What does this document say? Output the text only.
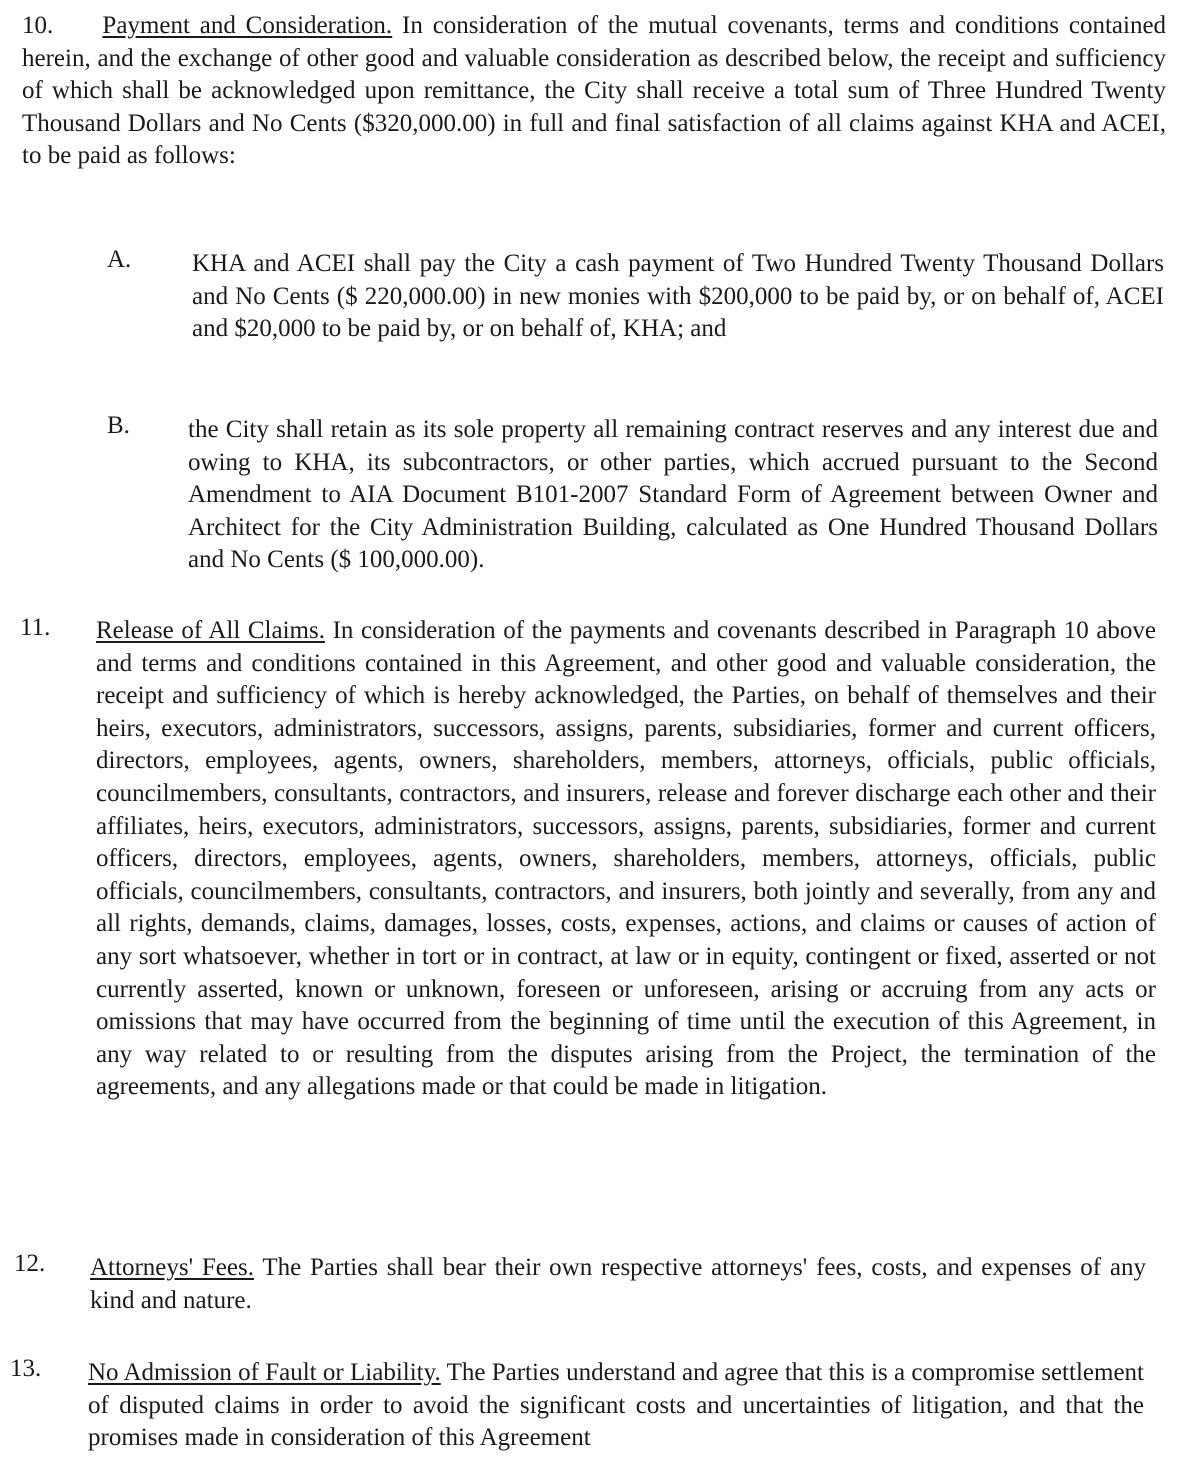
10. Payment and Consideration. In consideration of the mutual covenants, terms and conditions contained herein, and the exchange of other good and valuable consideration as described below, the receipt and sufficiency of which shall be acknowledged upon remittance, the City shall receive a total sum of Three Hundred Twenty Thousand Dollars and No Cents ($320,000.00) in full and final satisfaction of all claims against KHA and ACEI, to be paid as follows:

A. KHA and ACEI shall pay the City a cash payment of Two Hundred Twenty Thousand Dollars and No Cents ($ 220,000.00) in new monies with $200,000 to be paid by, or on behalf of, ACEI and $20,000 to be paid by, or on behalf of, KHA; and
B. the City shall retain as its sole property all remaining contract reserves and any interest due and owing to KHA, its subcontractors, or other parties, which accrued pursuant to the Second Amendment to AIA Document B101-2007 Standard Form of Agreement between Owner and Architect for the City Administration Building, calculated as One Hundred Thousand Dollars and No Cents ($ 100,000.00).
11. Release of All Claims. In consideration of the payments and covenants described in Paragraph 10 above and terms and conditions contained in this Agreement, and other good and valuable consideration, the receipt and sufficiency of which is hereby acknowledged, the Parties, on behalf of themselves and their heirs, executors, administrators, successors, assigns, parents, subsidiaries, former and current officers, directors, employees, agents, owners, shareholders, members, attorneys, officials, public officials, councilmembers, consultants, contractors, and insurers, release and forever discharge each other and their affiliates, heirs, executors, administrators, successors, assigns, parents, subsidiaries, former and current officers, directors, employees, agents, owners, shareholders, members, attorneys, officials, public officials, councilmembers, consultants, contractors, and insurers, both jointly and severally, from any and all rights, demands, claims, damages, losses, costs, expenses, actions, and claims or causes of action of any sort whatsoever, whether in tort or in contract, at law or in equity, contingent or fixed, asserted or not currently asserted, known or unknown, foreseen or unforeseen, arising or accruing from any acts or omissions that may have occurred from the beginning of time until the execution of this Agreement, in any way related to or resulting from the disputes arising from the Project, the termination of the agreements, and any allegations made or that could be made in litigation.

12. Attorneys' Fees. The Parties shall bear their own respective attorneys' fees, costs, and expenses of any kind and nature.

13. No Admission of Fault or Liability. The Parties understand and agree that this is a compromise settlement of disputed claims in order to avoid the significant costs and uncertainties of litigation, and that the promises made in consideration of this Agreement
